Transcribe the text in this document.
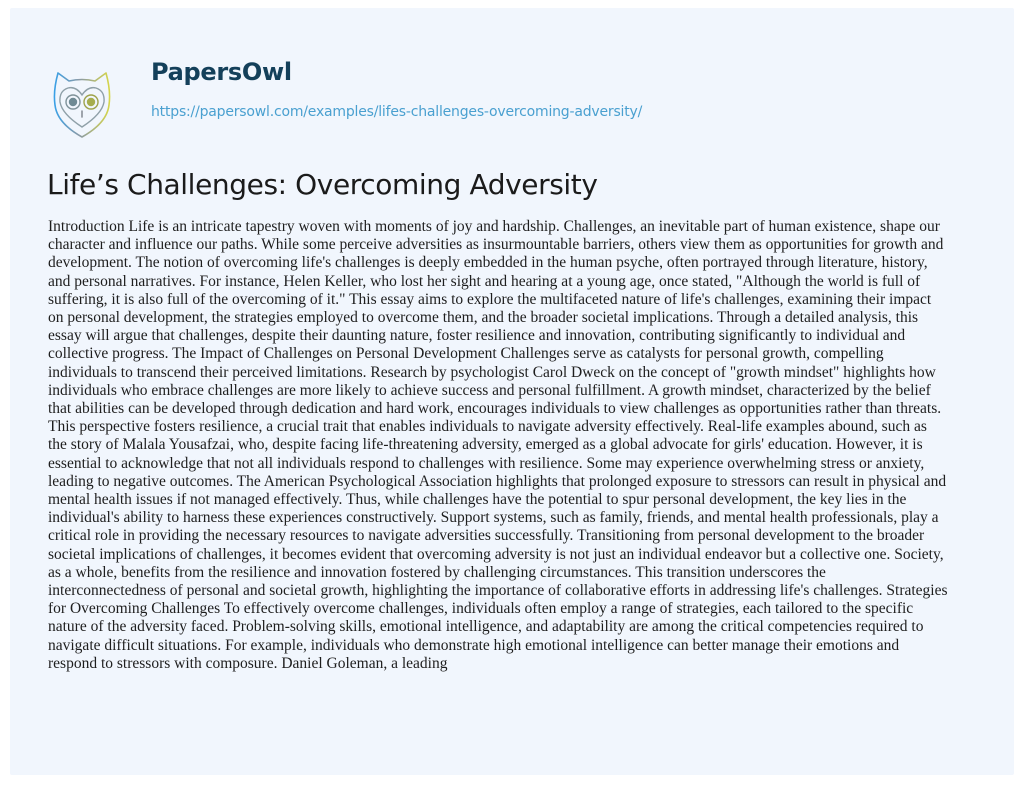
PapersOwl
https://papersowl.com/examples/lifes-challenges-overcoming-adversity/
Life’s Challenges: Overcoming Adversity
Introduction Life is an intricate tapestry woven with moments of joy and hardship. Challenges, an inevitable part of human existence, shape our
character and influence our paths. While some perceive adversities as insurmountable barriers, others view them as opportunities for growth and
development. The notion of overcoming life's challenges is deeply embedded in the human psyche, often portrayed through literature, history,
and personal narratives. For instance, Helen Keller, who lost her sight and hearing at a young age, once stated, "Although the world is full of
suffering, it is also full of the overcoming of it." This essay aims to explore the multifaceted nature of life's challenges, examining their impact
on personal development, the strategies employed to overcome them, and the broader societal implications. Through a detailed analysis, this
essay will argue that challenges, despite their daunting nature, foster resilience and innovation, contributing significantly to individual and
collective progress. The Impact of Challenges on Personal Development Challenges serve as catalysts for personal growth, compelling
individuals to transcend their perceived limitations. Research by psychologist Carol Dweck on the concept of "growth mindset" highlights how
individuals who embrace challenges are more likely to achieve success and personal fulfillment. A growth mindset, characterized by the belief
that abilities can be developed through dedication and hard work, encourages individuals to view challenges as opportunities rather than threats.
This perspective fosters resilience, a crucial trait that enables individuals to navigate adversity effectively. Real-life examples abound, such as
the story of Malala Yousafzai, who, despite facing life-threatening adversity, emerged as a global advocate for girls' education. However, it is
essential to acknowledge that not all individuals respond to challenges with resilience. Some may experience overwhelming stress or anxiety,
leading to negative outcomes. The American Psychological Association highlights that prolonged exposure to stressors can result in physical and
mental health issues if not managed effectively. Thus, while challenges have the potential to spur personal development, the key lies in the
individual's ability to harness these experiences constructively. Support systems, such as family, friends, and mental health professionals, play a
critical role in providing the necessary resources to navigate adversities successfully. Transitioning from personal development to the broader
societal implications of challenges, it becomes evident that overcoming adversity is not just an individual endeavor but a collective one. Society,
as a whole, benefits from the resilience and innovation fostered by challenging circumstances. This transition underscores the
interconnectedness of personal and societal growth, highlighting the importance of collaborative efforts in addressing life's challenges. Strategies
for Overcoming Challenges To effectively overcome challenges, individuals often employ a range of strategies, each tailored to the specific
nature of the adversity faced. Problem-solving skills, emotional intelligence, and adaptability are among the critical competencies required to
navigate difficult situations. For example, individuals who demonstrate high emotional intelligence can better manage their emotions and
respond to stressors with composure. Daniel Goleman, a leading
